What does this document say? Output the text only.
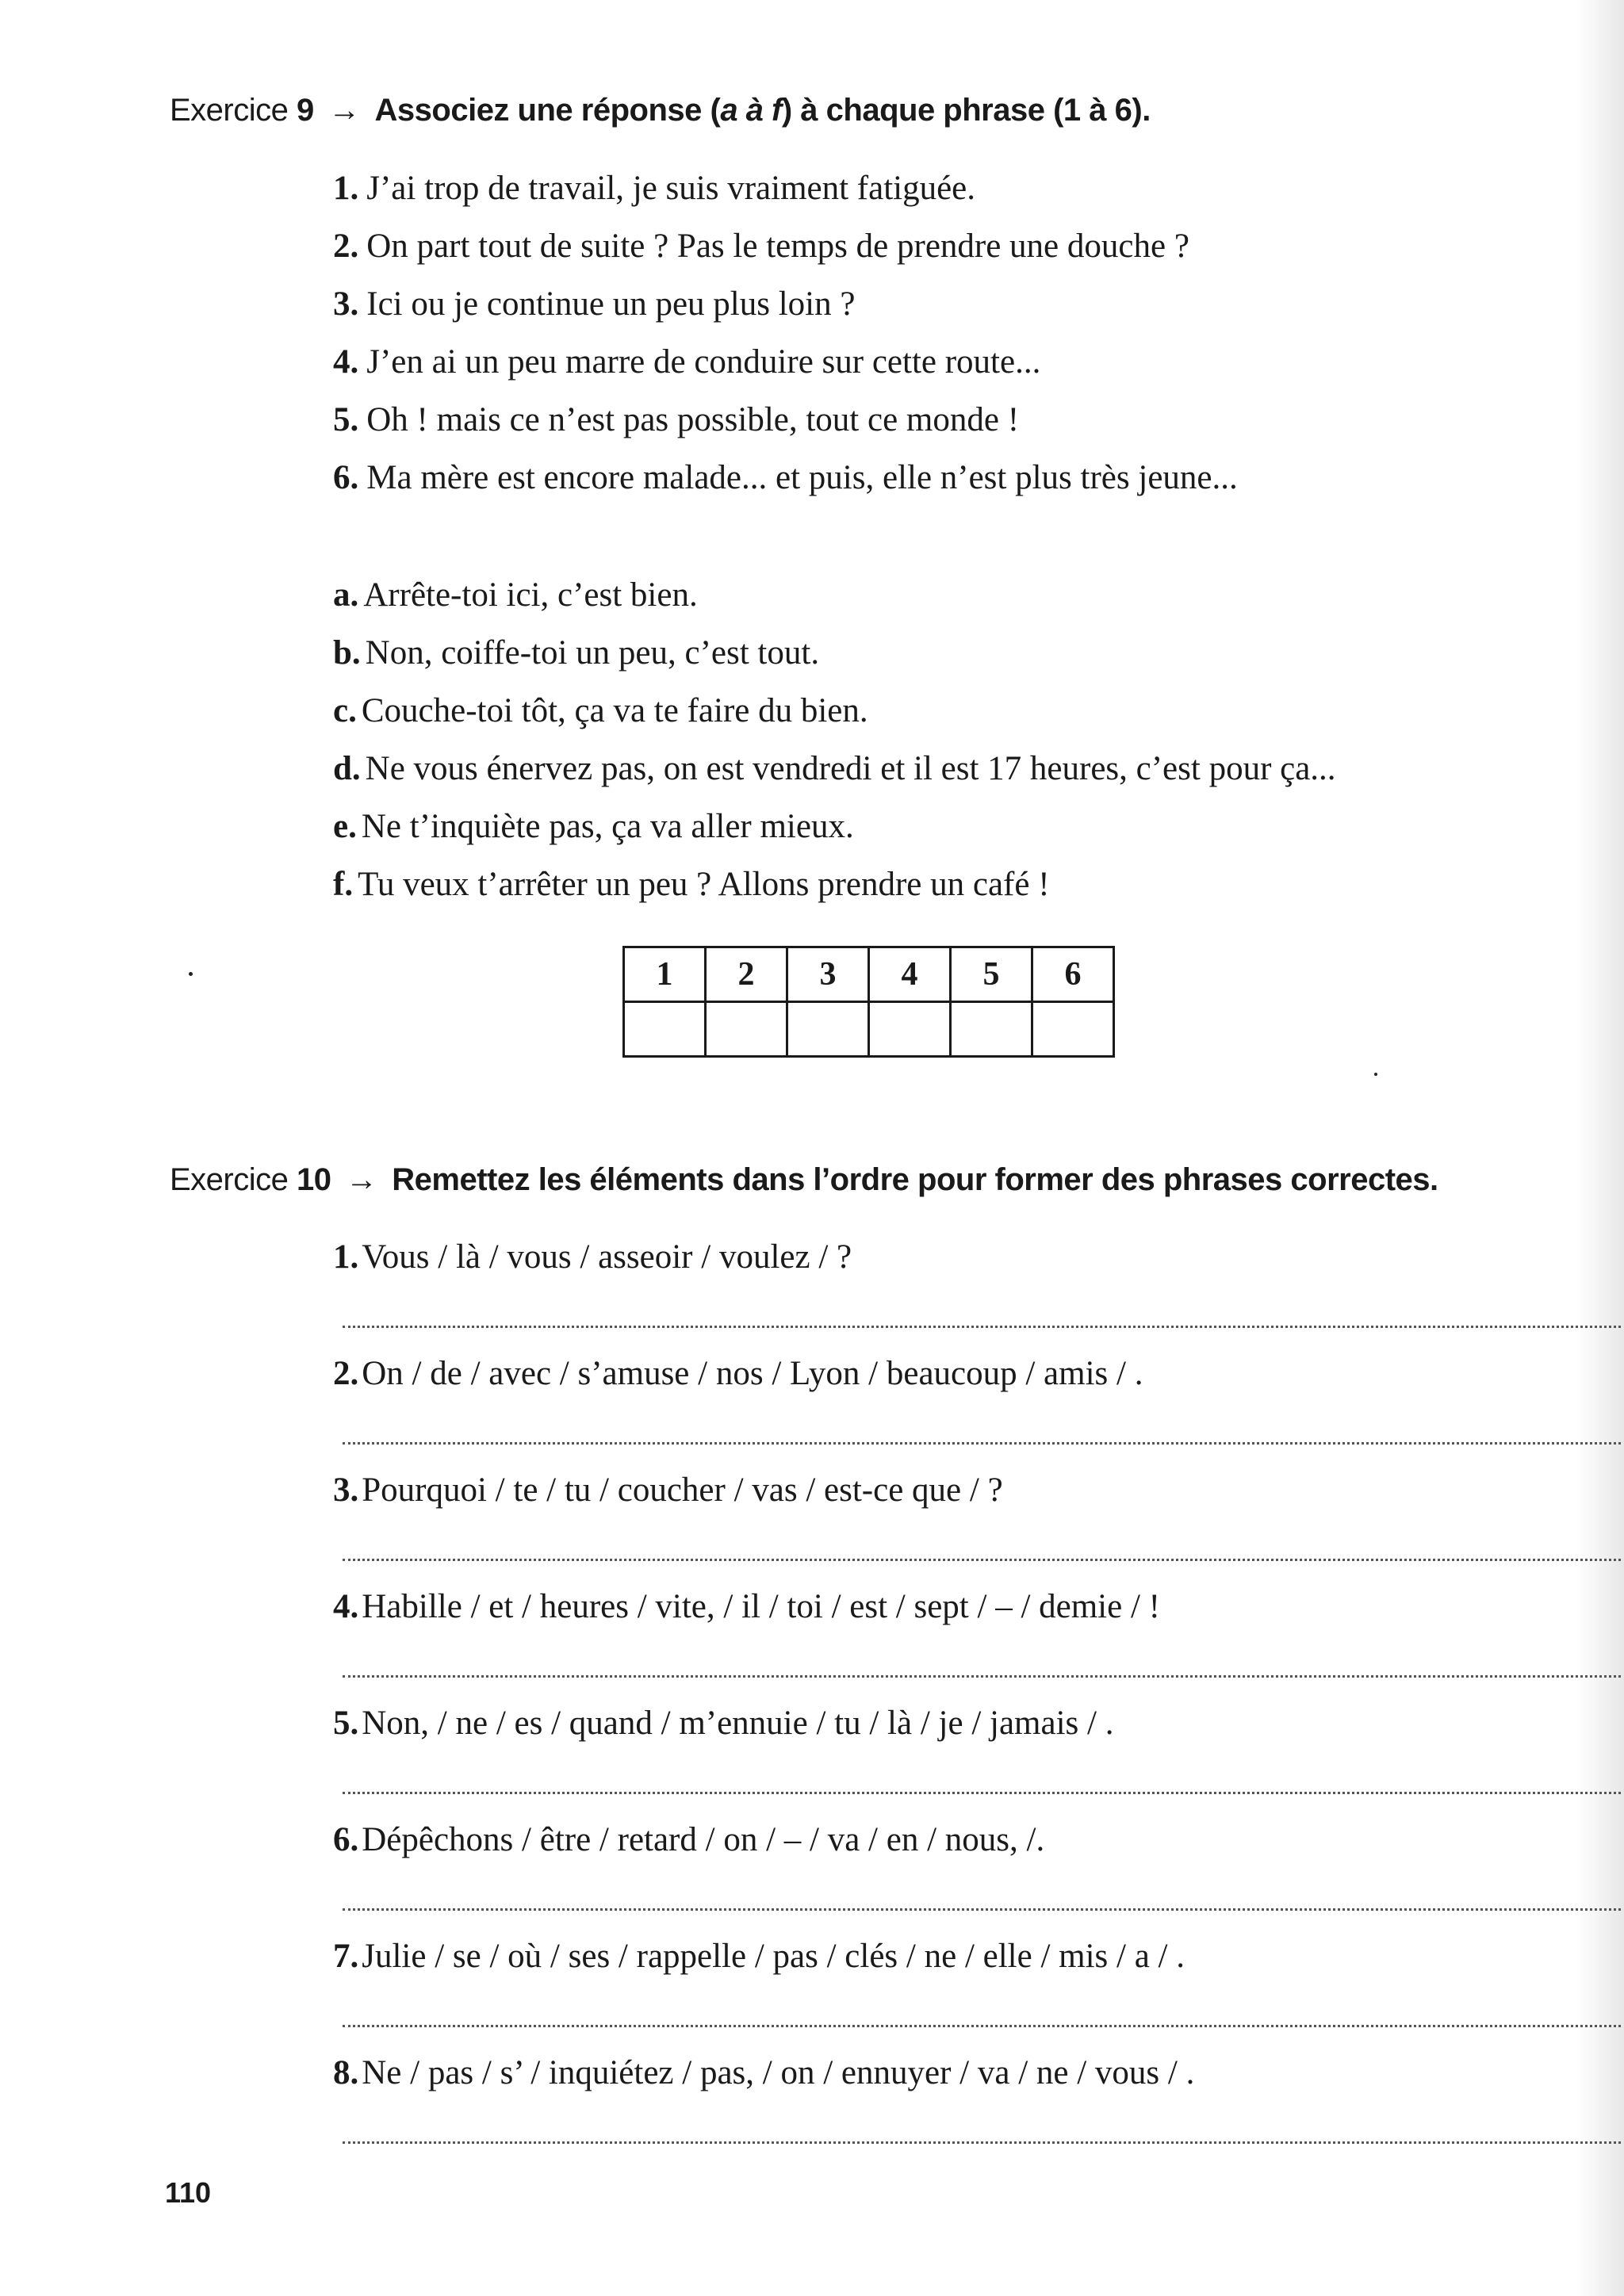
Exercice 9 → Associez une réponse (a à f) à chaque phrase (1 à 6).
1. J’ai trop de travail, je suis vraiment fatiguée.
2. On part tout de suite ? Pas le temps de prendre une douche ?
3. Ici ou je continue un peu plus loin ?
4. J’en ai un peu marre de conduire sur cette route...
5. Oh ! mais ce n’est pas possible, tout ce monde !
6. Ma mère est encore malade... et puis, elle n’est plus très jeune...
a. Arrête-toi ici, c’est bien.
b. Non, coiffe-toi un peu, c’est tout.
c. Couche-toi tôt, ça va te faire du bien.
d. Ne vous énervez pas, on est vendredi et il est 17 heures, c’est pour ça...
e. Ne t’inquiète pas, ça va aller mieux.
f. Tu veux t’arrêter un peu ? Allons prendre un café !
1	2	3	4	5	6

Exercice 10 → Remettez les éléments dans l’ordre pour former des phrases correctes.
1.Vous / là / vous / asseoir / voulez / ?
2.On / de / avec / s’amuse / nos / Lyon / beaucoup / amis / .
3.Pourquoi / te / tu / coucher / vas / est-ce que / ?
4.Habille / et / heures / vite, / il / toi / est / sept / – / demie / !
5.Non, / ne / es / quand / m’ennuie / tu / là / je / jamais / .
6.Dépêchons / être / retard / on / – / va / en / nous, /.
7.Julie / se / où / ses / rappelle / pas / clés / ne / elle / mis / a / .
8.Ne / pas / s’ / inquiétez / pas, / on / ennuyer / va / ne / vous / .
110
